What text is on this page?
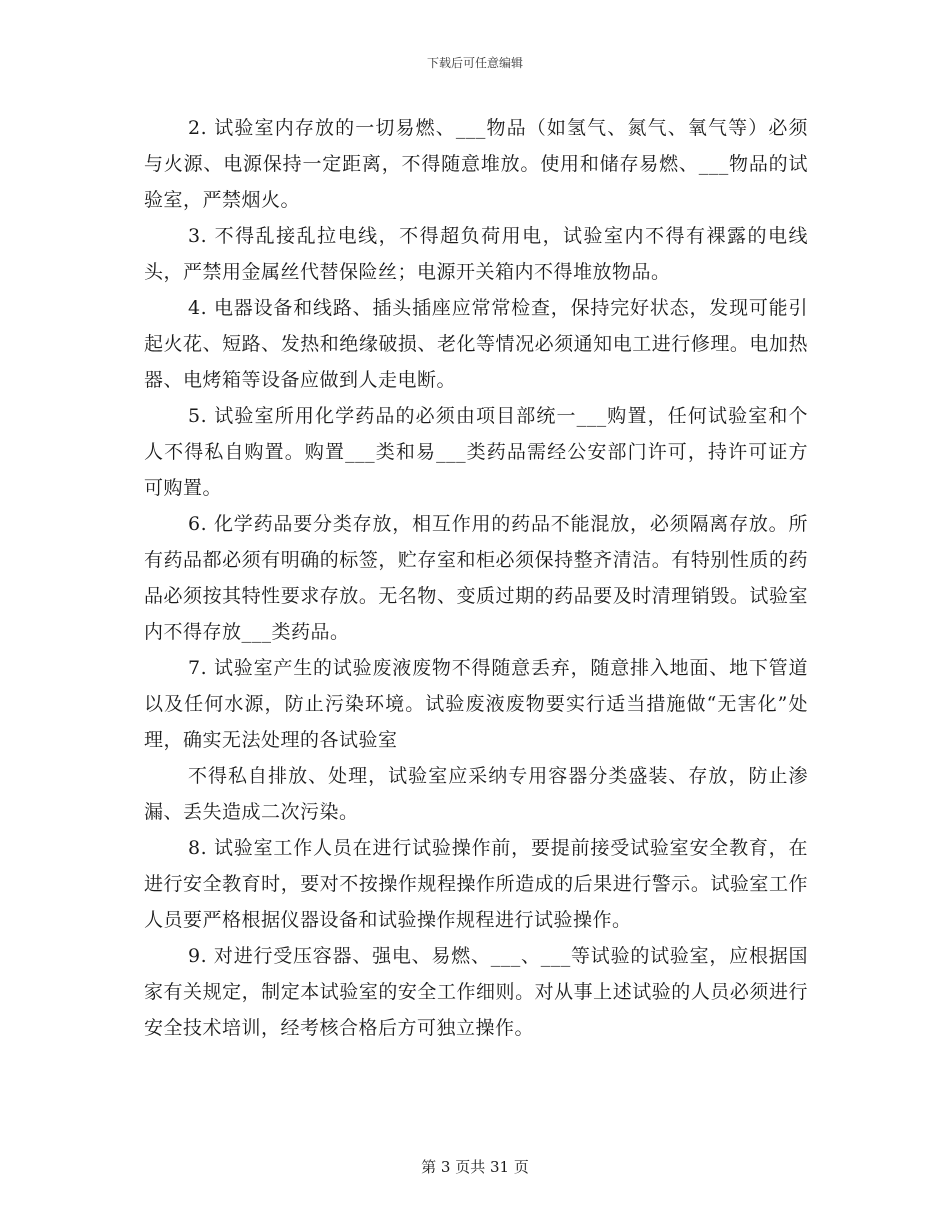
下载后可任意编辑

2. 试验室内存放的一切易燃、___物品（如氢气、氮气、氧气等）必须与火源、电源保持一定距离，不得随意堆放。使用和储存易燃、___物品的试验室，严禁烟火。

3. 不得乱接乱拉电线，不得超负荷用电，试验室内不得有裸露的电线头，严禁用金属丝代替保险丝；电源开关箱内不得堆放物品。

4. 电器设备和线路、插头插座应常常检查，保持完好状态，发现可能引起火花、短路、发热和绝缘破损、老化等情况必须通知电工进行修理。电加热器、电烤箱等设备应做到人走电断。

5. 试验室所用化学药品的必须由项目部统一___购置，任何试验室和个人不得私自购置。购置___类和易___类药品需经公安部门许可，持许可证方可购置。

6. 化学药品要分类存放，相互作用的药品不能混放，必须隔离存放。所有药品都必须有明确的标签，贮存室和柜必须保持整齐清洁。有特别性质的药品必须按其特性要求存放。无名物、变质过期的药品要及时清理销毁。试验室内不得存放___类药品。

7. 试验室产生的试验废液废物不得随意丢弃，随意排入地面、地下管道以及任何水源，防止污染环境。试验废液废物要实行适当措施做“无害化”处理，确实无法处理的各试验室

不得私自排放、处理，试验室应采纳专用容器分类盛装、存放，防止渗漏、丢失造成二次污染。

8. 试验室工作人员在进行试验操作前，要提前接受试验室安全教育，在进行安全教育时，要对不按操作规程操作所造成的后果进行警示。试验室工作人员要严格根据仪器设备和试验操作规程进行试验操作。

9. 对进行受压容器、强电、易燃、___、___等试验的试验室，应根据国家有关规定，制定本试验室的安全工作细则。对从事上述试验的人员必须进行安全技术培训，经考核合格后方可独立操作。

第 3 页共 31 页
